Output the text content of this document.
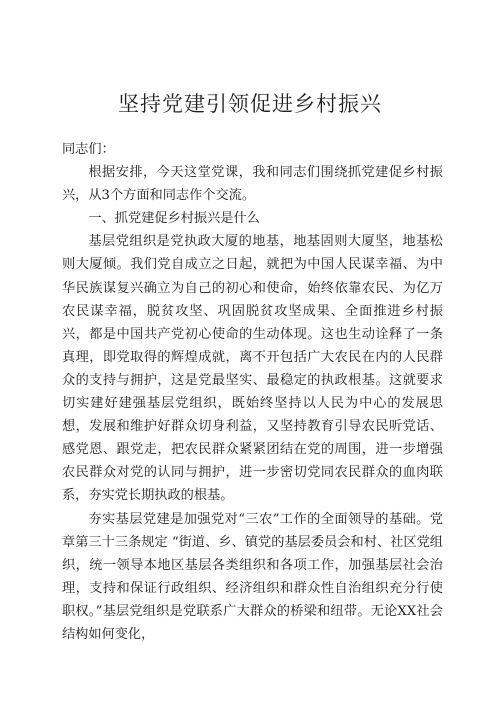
坚持党建引领促进乡村振兴

同志们：

根据安排，今天这堂党课，我和同志们围绕抓党建促乡村振兴，从3个方面和同志作个交流。

一、抓党建促乡村振兴是什么

基层党组织是党执政大厦的地基，地基固则大厦坚，地基松则大厦倾。我们党自成立之日起，就把为中国人民谋幸福、为中华民族谋复兴确立为自己的初心和使命，始终依靠农民、为亿万农民谋幸福，脱贫攻坚、巩固脱贫攻坚成果、全面推进乡村振兴，都是中国共产党初心使命的生动体现。这也生动诠释了一条真理，即党取得的辉煌成就，离不开包括广大农民在内的人民群众的支持与拥护，这是党最坚实、最稳定的执政根基。这就要求切实建好建强基层党组织，既始终坚持以人民为中心的发展思想，发展和维护好群众切身利益，又坚持教育引导农民听党话、感党恩、跟党走，把农民群众紧紧团结在党的周围，进一步增强农民群众对党的认同与拥护，进一步密切党同农民群众的血肉联系，夯实党长期执政的根基。

夯实基层党建是加强党对“三农”工作的全面领导的基础。党章第三十三条规定 “街道、乡、镇党的基层委员会和村、社区党组织，统一领导本地区基层各类组织和各项工作，加强基层社会治理，支持和保证行政组织、经济组织和群众性自治组织充分行使职权。”基层党组织是党联系广大群众的桥梁和纽带。无论XX社会结构如何变化，
